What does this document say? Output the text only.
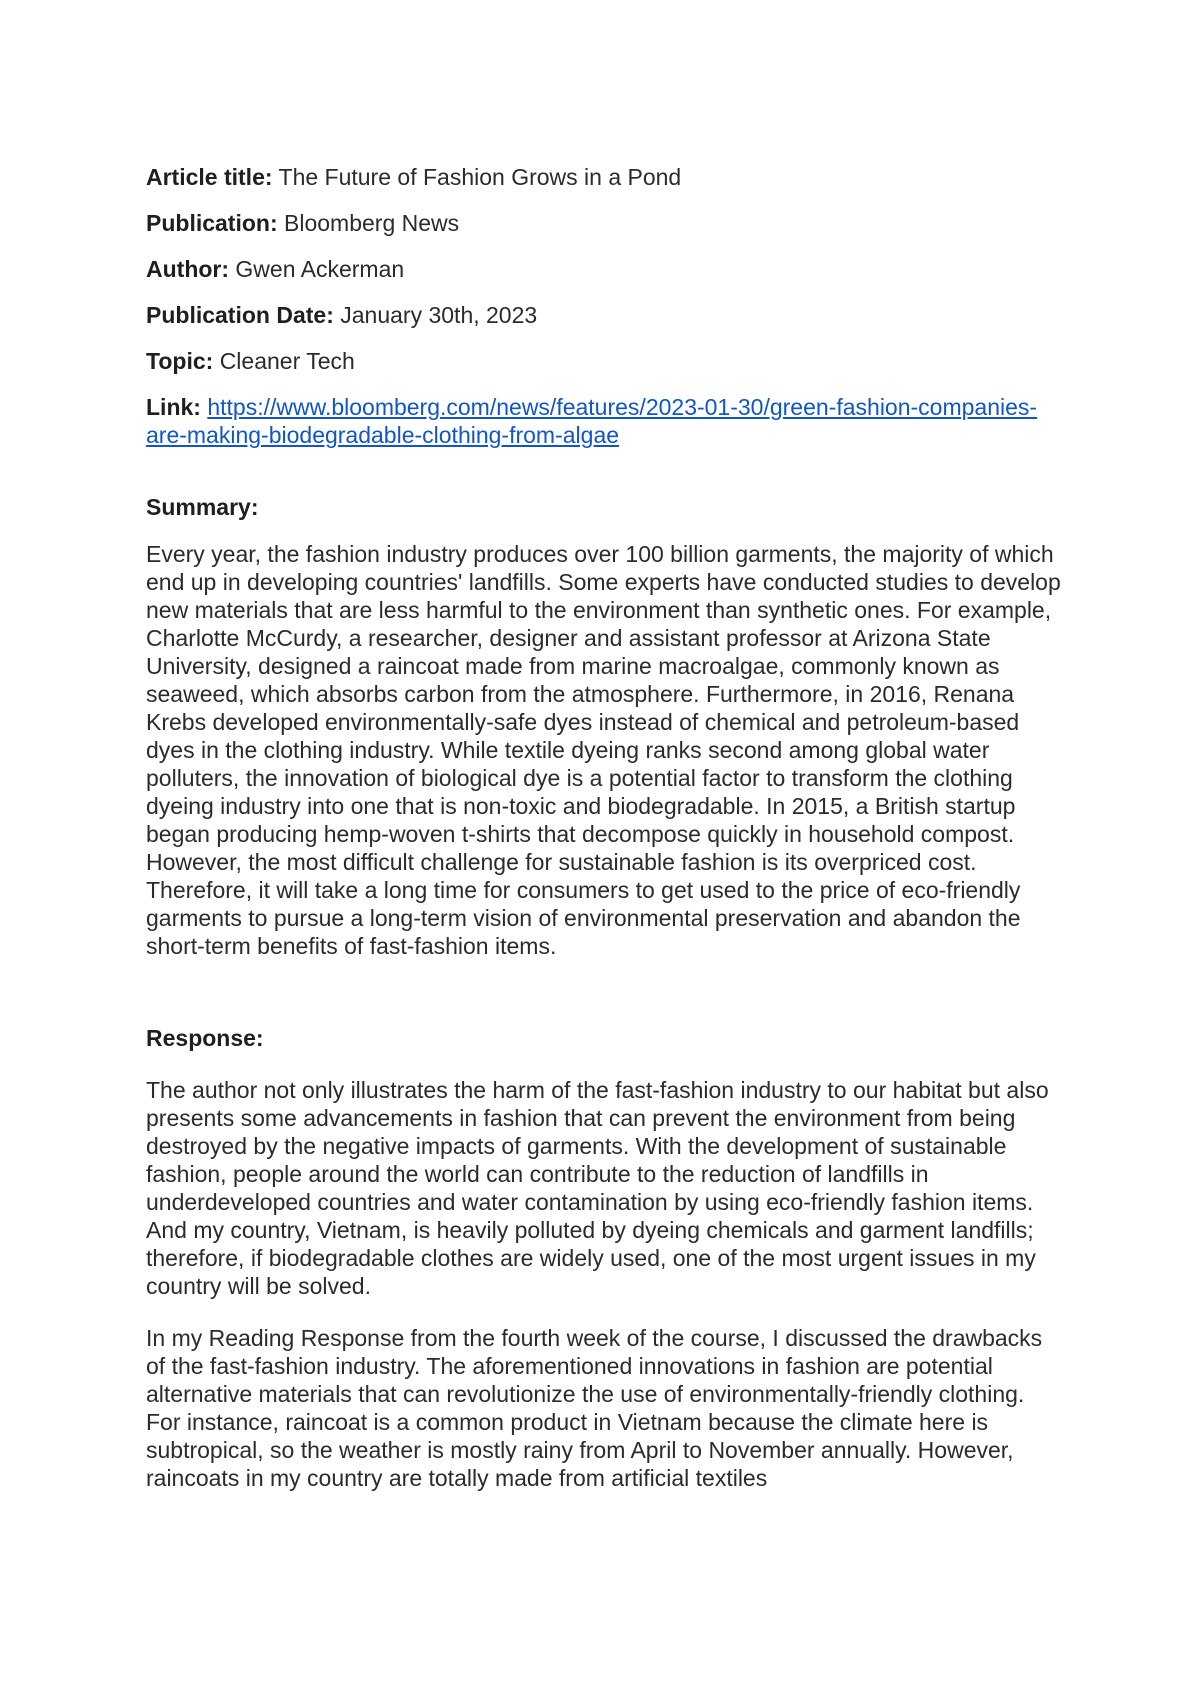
Article title: The Future of Fashion Grows in a Pond

Publication: Bloomberg News

Author: Gwen Ackerman

Publication Date: January 30th, 2023

Topic: Cleaner Tech

Link: https://www.bloomberg.com/news/features/2023-01-30/green-fashion-companies-are-making-biodegradable-clothing-from-algae

Summary:

Every year, the fashion industry produces over 100 billion garments, the majority of which end up in developing countries' landfills. Some experts have conducted studies to develop new materials that are less harmful to the environment than synthetic ones. For example, Charlotte McCurdy, a researcher, designer and assistant professor at Arizona State University, designed a raincoat made from marine macroalgae, commonly known as seaweed, which absorbs carbon from the atmosphere. Furthermore, in 2016, Renana Krebs developed environmentally-safe dyes instead of chemical and petroleum-based dyes in the clothing industry. While textile dyeing ranks second among global water polluters, the innovation of biological dye is a potential factor to transform the clothing dyeing industry into one that is non-toxic and biodegradable. In 2015, a British startup began producing hemp-woven t-shirts that decompose quickly in household compost. However, the most difficult challenge for sustainable fashion is its overpriced cost. Therefore, it will take a long time for consumers to get used to the price of eco-friendly garments to pursue a long-term vision of environmental preservation and abandon the short-term benefits of fast-fashion items.

Response:

The author not only illustrates the harm of the fast-fashion industry to our habitat but also presents some advancements in fashion that can prevent the environment from being destroyed by the negative impacts of garments. With the development of sustainable fashion, people around the world can contribute to the reduction of landfills in underdeveloped countries and water contamination by using eco-friendly fashion items. And my country, Vietnam, is heavily polluted by dyeing chemicals and garment landfills; therefore, if biodegradable clothes are widely used, one of the most urgent issues in my country will be solved.

In my Reading Response from the fourth week of the course, I discussed the drawbacks of the fast-fashion industry. The aforementioned innovations in fashion are potential alternative materials that can revolutionize the use of environmentally-friendly clothing. For instance, raincoat is a common product in Vietnam because the climate here is subtropical, so the weather is mostly rainy from April to November annually. However, raincoats in my country are totally made from artificial textiles
